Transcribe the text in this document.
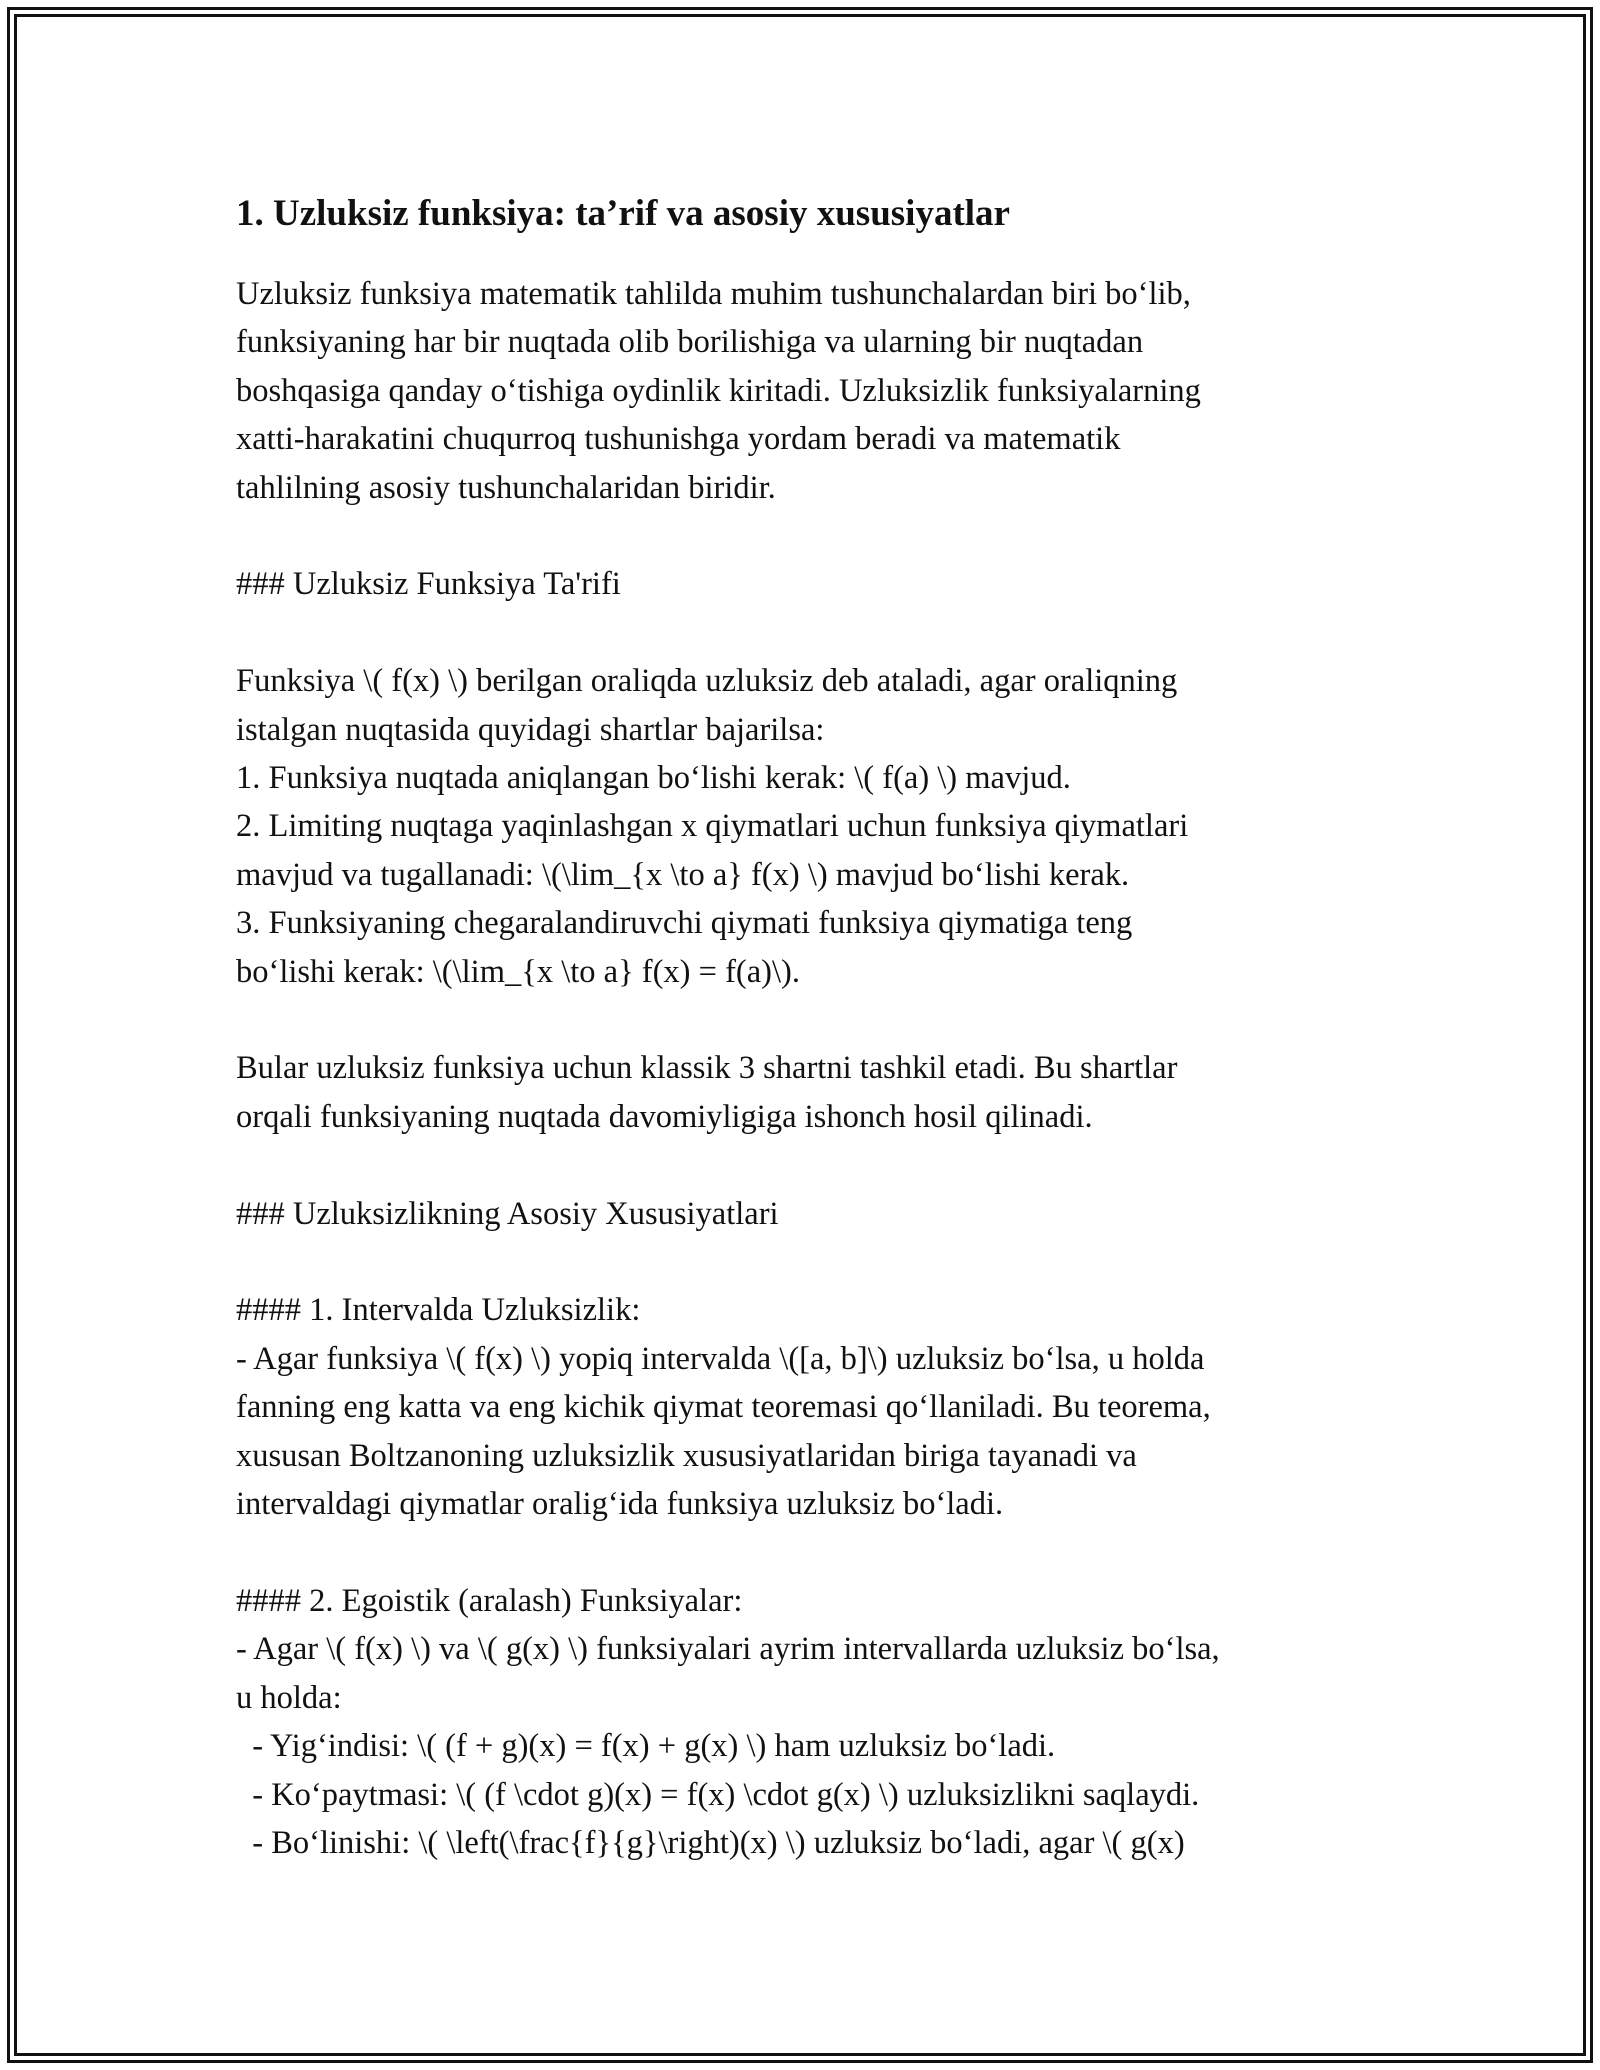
1. Uzluksiz funksiya: ta’rif va asosiy xususiyatlar

Uzluksiz funksiya matematik tahlilda muhim tushunchalardan biri bo‘lib,

funksiyaning har bir nuqtada olib borilishiga va ularning bir nuqtadan

boshqasiga qanday o‘tishiga oydinlik kiritadi. Uzluksizlik funksiyalarning

xatti-harakatini chuqurroq tushunishga yordam beradi va matematik

tahlilning asosiy tushunchalaridan biridir.

### Uzluksiz Funksiya Ta'rifi

Funksiya \( f(x) \) berilgan oraliqda uzluksiz deb ataladi, agar oraliqning

istalgan nuqtasida quyidagi shartlar bajarilsa:

1. Funksiya nuqtada aniqlangan bo‘lishi kerak: \( f(a) \) mavjud.

2. Limiting nuqtaga yaqinlashgan x qiymatlari uchun funksiya qiymatlari

mavjud va tugallanadi: \(\lim_{x \to a} f(x) \) mavjud bo‘lishi kerak.

3. Funksiyaning chegaralandiruvchi qiymati funksiya qiymatiga teng

bo‘lishi kerak: \(\lim_{x \to a} f(x) = f(a)\).

Bular uzluksiz funksiya uchun klassik 3 shartni tashkil etadi. Bu shartlar

orqali funksiyaning nuqtada davomiyligiga ishonch hosil qilinadi.

### Uzluksizlikning Asosiy Xususiyatlari

#### 1. Intervalda Uzluksizlik:

- Agar funksiya \( f(x) \) yopiq intervalda \([a, b]\) uzluksiz bo‘lsa, u holda

fanning eng katta va eng kichik qiymat teoremasi qo‘llaniladi. Bu teorema,

xususan Boltzanoning uzluksizlik xususiyatlaridan biriga tayanadi va

intervaldagi qiymatlar oralig‘ida funksiya uzluksiz bo‘ladi.

#### 2. Egoistik (aralash) Funksiyalar:

- Agar \( f(x) \) va \( g(x) \) funksiyalari ayrim intervallarda uzluksiz bo‘lsa,

u holda:

- Yig‘indisi: \( (f + g)(x) = f(x) + g(x) \) ham uzluksiz bo‘ladi.

- Ko‘paytmasi: \( (f \cdot g)(x) = f(x) \cdot g(x) \) uzluksizlikni saqlaydi.

- Bo‘linishi: \( \left(\frac{f}{g}\right)(x) \) uzluksiz bo‘ladi, agar \( g(x)
